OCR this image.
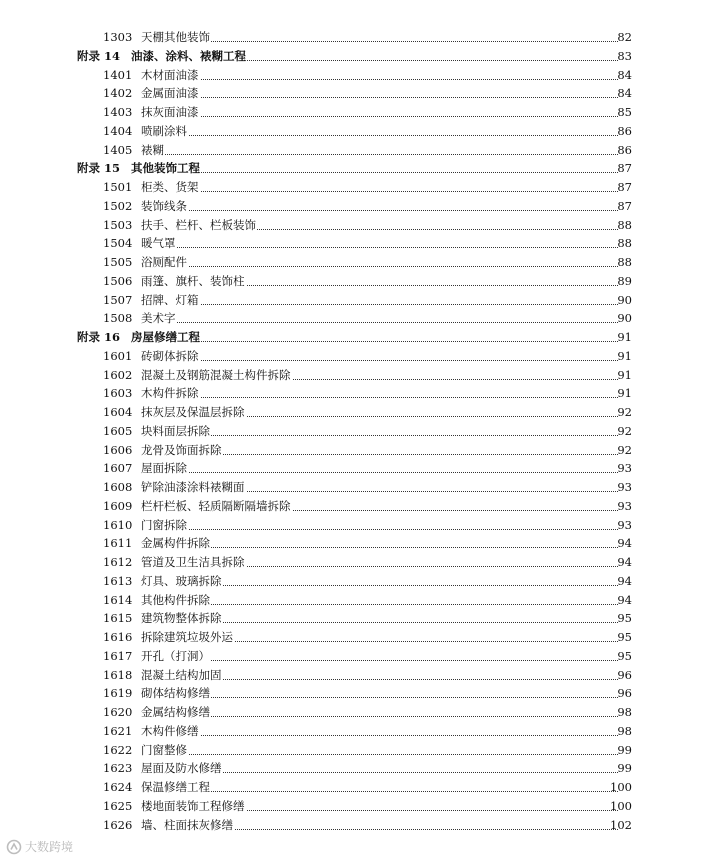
1303 天棚其他装饰	82
附录 14 油漆、涂料、裱糊工程	83
1401 木材面油漆	84
1402 金属面油漆	84
1403 抹灰面油漆	85
1404 喷刷涂料	86
1405 裱糊	86
附录 15 其他装饰工程	87
1501 柜类、货架	87
1502 装饰线条	87
1503 扶手、栏杆、栏板装饰	88
1504 暖气罩	88
1505 浴厕配件	88
1506 雨篷、旗杆、装饰柱	89
1507 招牌、灯箱	90
1508 美术字	90
附录 16 房屋修缮工程	91
1601 砖砌体拆除	91
1602 混凝土及钢筋混凝土构件拆除	91
1603 木构件拆除	91
1604 抹灰层及保温层拆除	92
1605 块料面层拆除	92
1606 龙骨及饰面拆除	92
1607 屋面拆除	93
1608 铲除油漆涂料裱糊面	93
1609 栏杆栏板、轻质隔断隔墙拆除	93
1610 门窗拆除	93
1611 金属构件拆除	94
1612 管道及卫生洁具拆除	94
1613 灯具、玻璃拆除	94
1614 其他构件拆除	94
1615 建筑物整体拆除	95
1616 拆除建筑垃圾外运	95
1617 开孔（打洞）	95
1618 混凝土结构加固	96
1619 砌体结构修缮	96
1620 金属结构修缮	98
1621 木构件修缮	98
1622 门窗整修	99
1623 屋面及防水修缮	99
1624 保温修缮工程	100
1625 楼地面装饰工程修缮	100
1626 墙、柱面抹灰修缮	102
大数跨境
